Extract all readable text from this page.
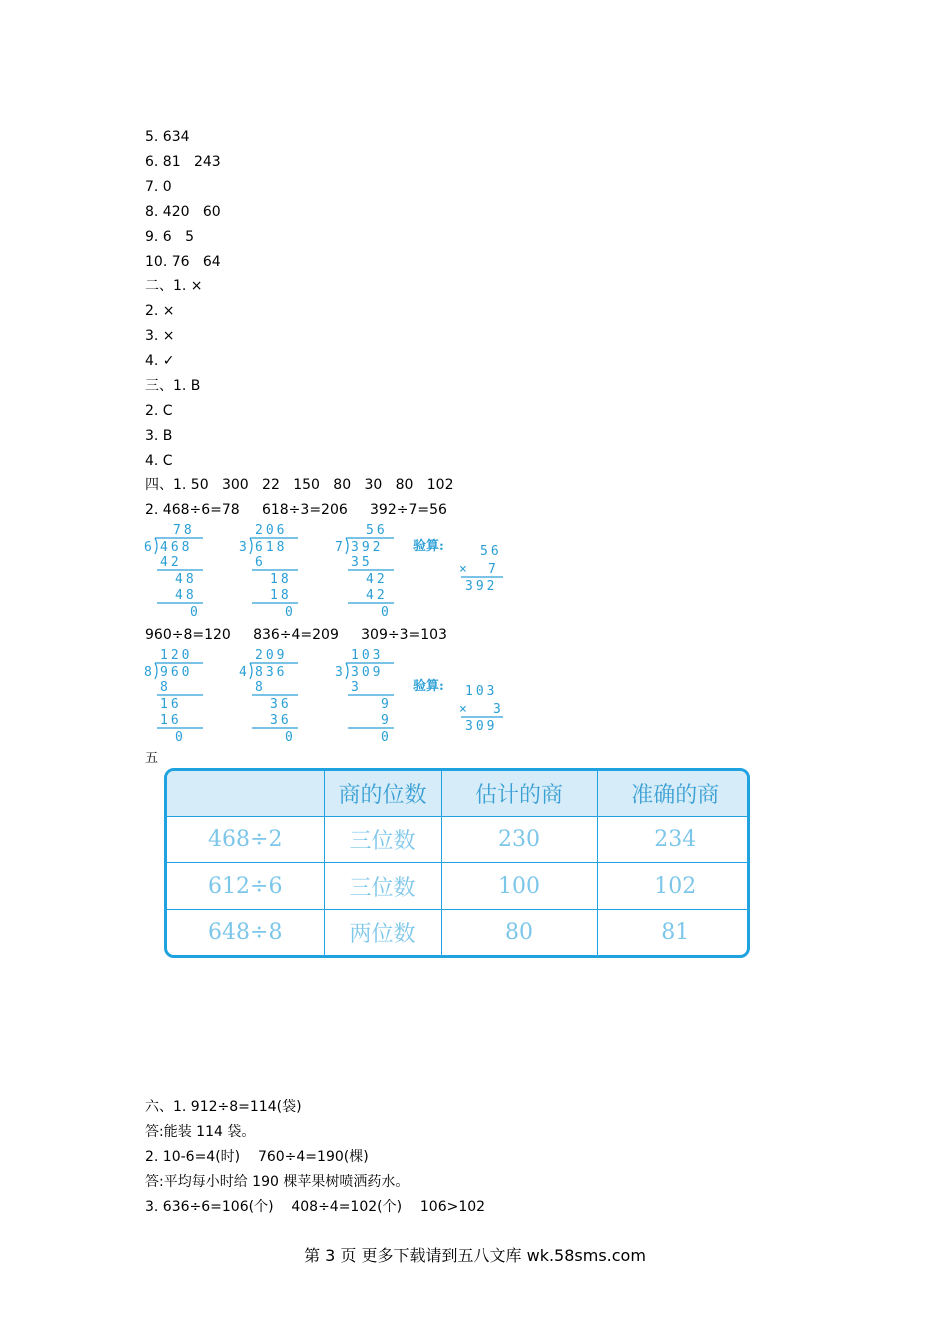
5. 634
6. 81   243
7. 0
8. 420   60
9. 6   5
10. 76   64
二、1. ×
2. ×
3. ×
4. ✓
三、1. B
2. C
3. B
4. C
四、1. 50   300   22   150   80   30   80   102
2. 468÷6=78     618÷3=206     392÷7=56
78
6 468
42
48
48
0
206
3 618
6
18
18
0
56
7 392
35
42
42
0
验算:	56
× 7
392
960÷8=120     836÷4=209     309÷3=103
120
8 960
8
16
16
0
209
4 836
8
36
36
0
103
3 309
3
9
9
0
验算: 103
× 3
309
五
	商的位数	估计的商	准确的商
468÷2	三位数	230	234
612÷6	三位数	100	102
648÷8	两位数	80	81
六、1. 912÷8=114(袋)
答:能装 114 袋。
2. 10-6=4(时)    760÷4=190(棵)
答:平均每小时给 190 棵苹果树喷洒药水。
3. 636÷6=106(个)    408÷4=102(个)    106>102
第 3 页 更多下载请到五八文库 wk.58sms.com
